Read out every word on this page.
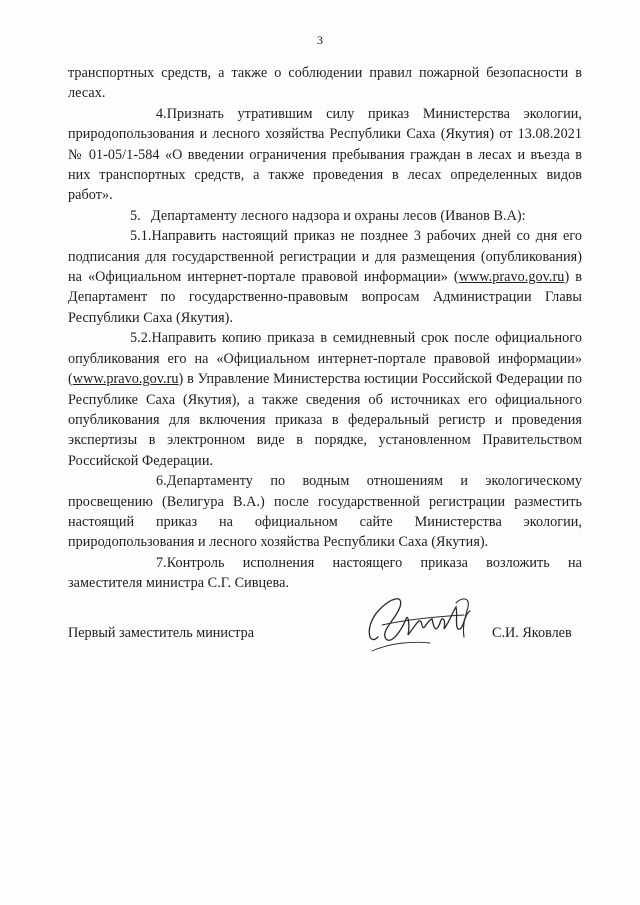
3

транспортных средств, а также о соблюдении правил пожарной безопасности в лесах.

4.Признать утратившим силу приказ Министерства экологии, природопользования и лесного хозяйства Республики Саха (Якутия) от 13.08.2021 № 01-05/1-584 «О введении ограничения пребывания граждан в лесах и въезда в них транспортных средств, а также проведения в лесах определенных видов работ».

5. Департаменту лесного надзора и охраны лесов (Иванов В.А):

5.1.Направить настоящий приказ не позднее 3 рабочих дней со дня его подписания для государственной регистрации и для размещения (опубликования) на «Официальном интернет-портале правовой информации» (www.pravo.gov.ru) в Департамент по государственно-правовым вопросам Администрации Главы Республики Саха (Якутия).

5.2.Направить копию приказа в семидневный срок после официального опубликования его на «Официальном интернет-портале правовой информации» (www.pravo.gov.ru) в Управление Министерства юстиции Российской Федерации по Республике Саха (Якутия), а также сведения об источниках его официального опубликования для включения приказа в федеральный регистр и проведения экспертизы в электронном виде в порядке, установленном Правительством Российской Федерации.

6.Департаменту по водным отношениям и экологическому просвещению (Велигура В.А.) после государственной регистрации разместить настоящий приказ на официальном сайте Министерства экологии, природопользования и лесного хозяйства Республики Саха (Якутия).

7.Контроль исполнения настоящего приказа возложить на заместителя министра С.Г. Сивцева.

Первый заместитель министра	С.И. Яковлев
